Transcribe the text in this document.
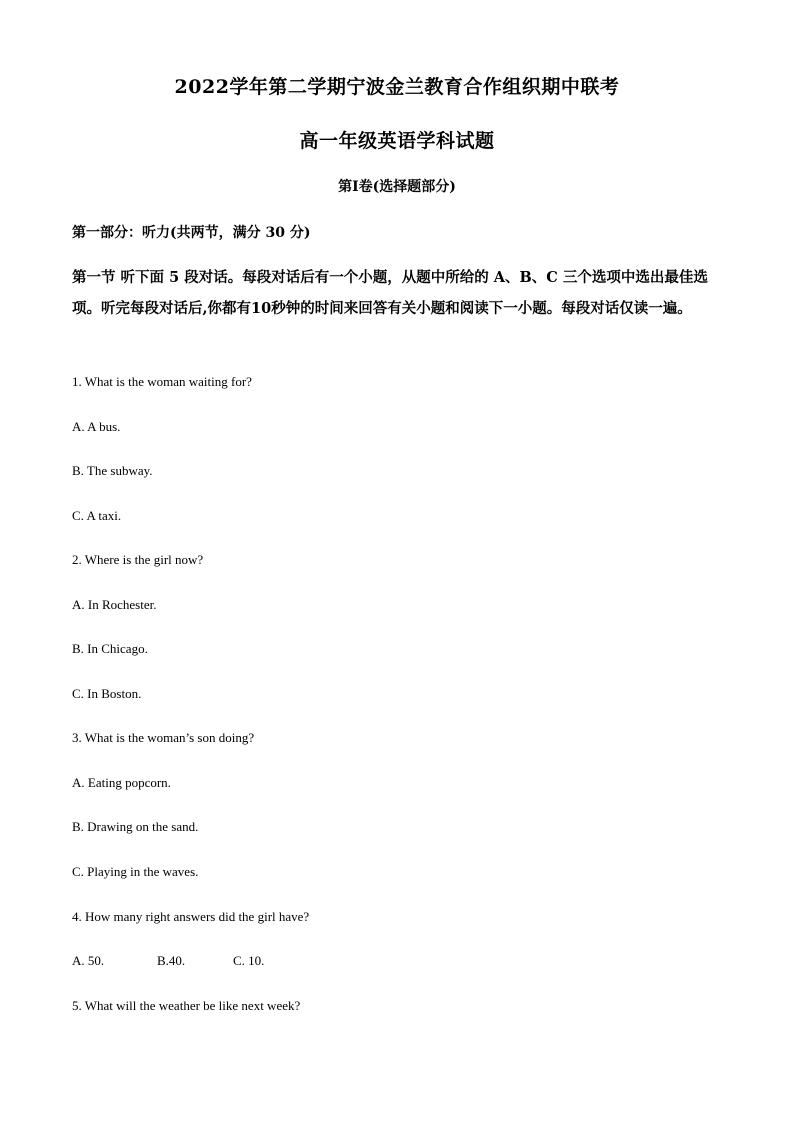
2022学年第二学期宁波金兰教育合作组织期中联考
高一年级英语学科试题
第Ⅰ卷(选择题部分)
第一部分：听力(共两节，满分 30 分)
第一节 听下面 5 段对话。每段对话后有一个小题，从题中所给的 A、B、C 三个选项中选出最佳选项。听完每段对话后,你都有10秒钟的时间来回答有关小题和阅读下一小题。每段对话仅读一遍。
1. What is the woman waiting for?
A. A bus.
B. The subway.
C. A taxi.
2. Where is the girl now?
A. In Rochester.
B. In Chicago.
C. In Boston.
3. What is the woman’s son doing?
A. Eating popcorn.
B. Drawing on the sand.
C. Playing in the waves.
4. How many right answers did the girl have?
A. 50.	B.40.	C. 10.
5. What will the weather be like next week?
